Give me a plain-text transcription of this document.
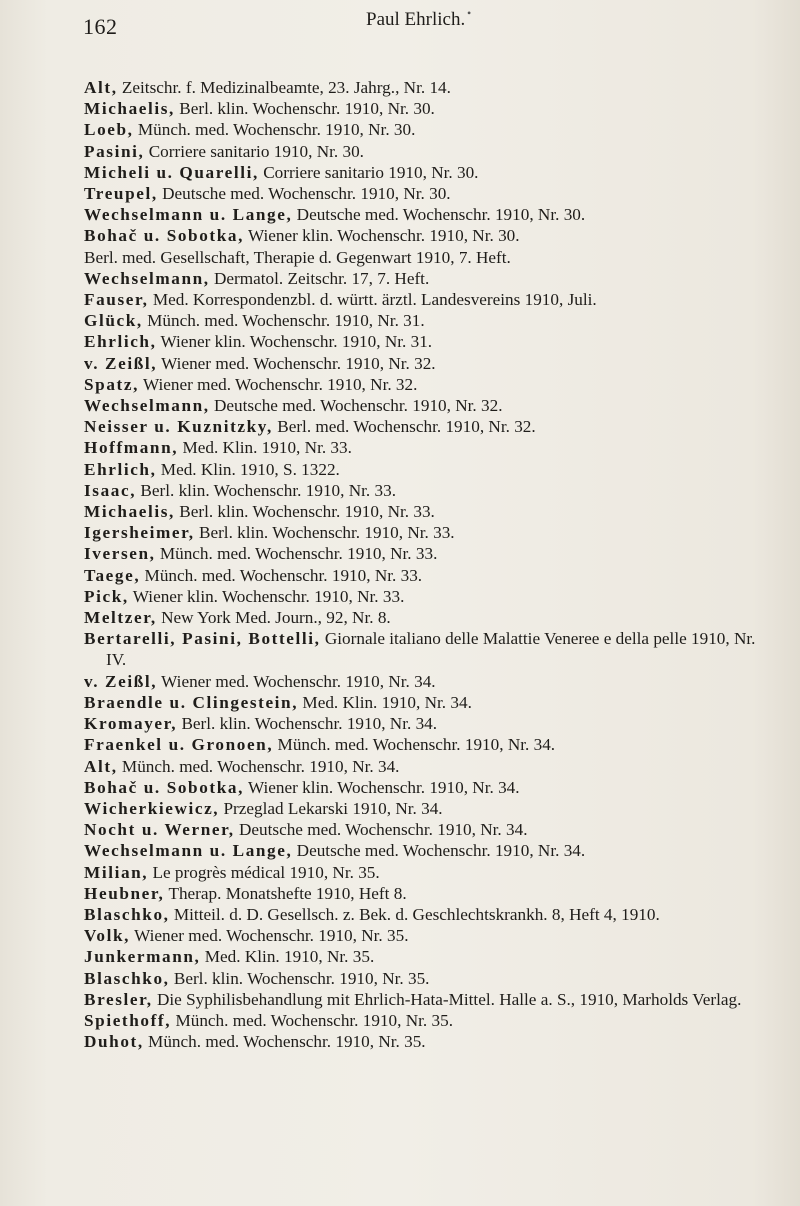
162	Paul Ehrlich. •
Alt, Zeitschr. f. Medizinalbeamte, 23. Jahrg., Nr. 14.
Michaelis, Berl. klin. Wochenschr. 1910, Nr. 30.
Loeb, Münch. med. Wochenschr. 1910, Nr. 30.
Pasini, Corriere sanitario 1910, Nr. 30.
Micheli u. Quarelli, Corriere sanitario 1910, Nr. 30.
Treupel, Deutsche med. Wochenschr. 1910, Nr. 30.
Wechselmann u. Lange, Deutsche med. Wochenschr. 1910, Nr. 30.
Bohač u. Sobotka, Wiener klin. Wochenschr. 1910, Nr. 30.
Berl. med. Gesellschaft, Therapie d. Gegenwart 1910, 7. Heft.
Wechselmann, Dermatol. Zeitschr. 17, 7. Heft.
Fauser, Med. Korrespondenzbl. d. württ. ärztl. Landesvereins 1910, Juli.
Glück, Münch. med. Wochenschr. 1910, Nr. 31.
Ehrlich, Wiener klin. Wochenschr. 1910, Nr. 31.
v. Zeißl, Wiener med. Wochenschr. 1910, Nr. 32.
Spatz, Wiener med. Wochenschr. 1910, Nr. 32.
Wechselmann, Deutsche med. Wochenschr. 1910, Nr. 32.
Neisser u. Kuznitzky, Berl. med. Wochenschr. 1910, Nr. 32.
Hoffmann, Med. Klin. 1910, Nr. 33.
Ehrlich, Med. Klin. 1910, S. 1322.
Isaac, Berl. klin. Wochenschr. 1910, Nr. 33.
Michaelis, Berl. klin. Wochenschr. 1910, Nr. 33.
Igersheimer, Berl. klin. Wochenschr. 1910, Nr. 33.
Iversen, Münch. med. Wochenschr. 1910, Nr. 33.
Taege, Münch. med. Wochenschr. 1910, Nr. 33.
Pick, Wiener klin. Wochenschr. 1910, Nr. 33.
Meltzer, New York Med. Journ., 92, Nr. 8.
Bertarelli, Pasini, Bottelli, Giornale italiano delle Malattie Veneree e della pelle 1910, Nr. IV.
v. Zeißl, Wiener med. Wochenschr. 1910, Nr. 34.
Braendle u. Clingestein, Med. Klin. 1910, Nr. 34.
Kromayer, Berl. klin. Wochenschr. 1910, Nr. 34.
Fraenkel u. Gronoen, Münch. med. Wochenschr. 1910, Nr. 34.
Alt, Münch. med. Wochenschr. 1910, Nr. 34.
Bohač u. Sobotka, Wiener klin. Wochenschr. 1910, Nr. 34.
Wicherkiewicz, Przeglad Lekarski 1910, Nr. 34.
Nocht u. Werner, Deutsche med. Wochenschr. 1910, Nr. 34.
Wechselmann u. Lange, Deutsche med. Wochenschr. 1910, Nr. 34.
Milian, Le progrès médical 1910, Nr. 35.
Heubner, Therap. Monatshefte 1910, Heft 8.
Blaschko, Mitteil. d. D. Gesellsch. z. Bek. d. Geschlechtskrankh. 8, Heft 4, 1910.
Volk, Wiener med. Wochenschr. 1910, Nr. 35.
Junkermann, Med. Klin. 1910, Nr. 35.
Blaschko, Berl. klin. Wochenschr. 1910, Nr. 35.
Bresler, Die Syphilisbehandlung mit Ehrlich-Hata-Mittel. Halle a. S., 1910, Marholds Verlag.
Spiethoff, Münch. med. Wochenschr. 1910, Nr. 35.
Duhot, Münch. med. Wochenschr. 1910, Nr. 35.
